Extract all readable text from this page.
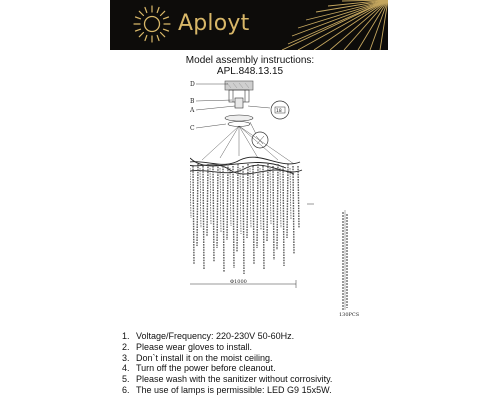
Aployt
Model assembly instructions:
APL.848.13.15
D
B
A
C
18
Φ1000
130PCS
1. Voltage/Frequency: 220-230V 50-60Hz.
2. Please wear gloves to install.
3. Don`t install it on the moist ceiling.
4. Turn off the power before cleanout.
5. Please wash with the sanitizer without corrosivity.
6. The use of lamps is permissible: LED G9 15x5W.
